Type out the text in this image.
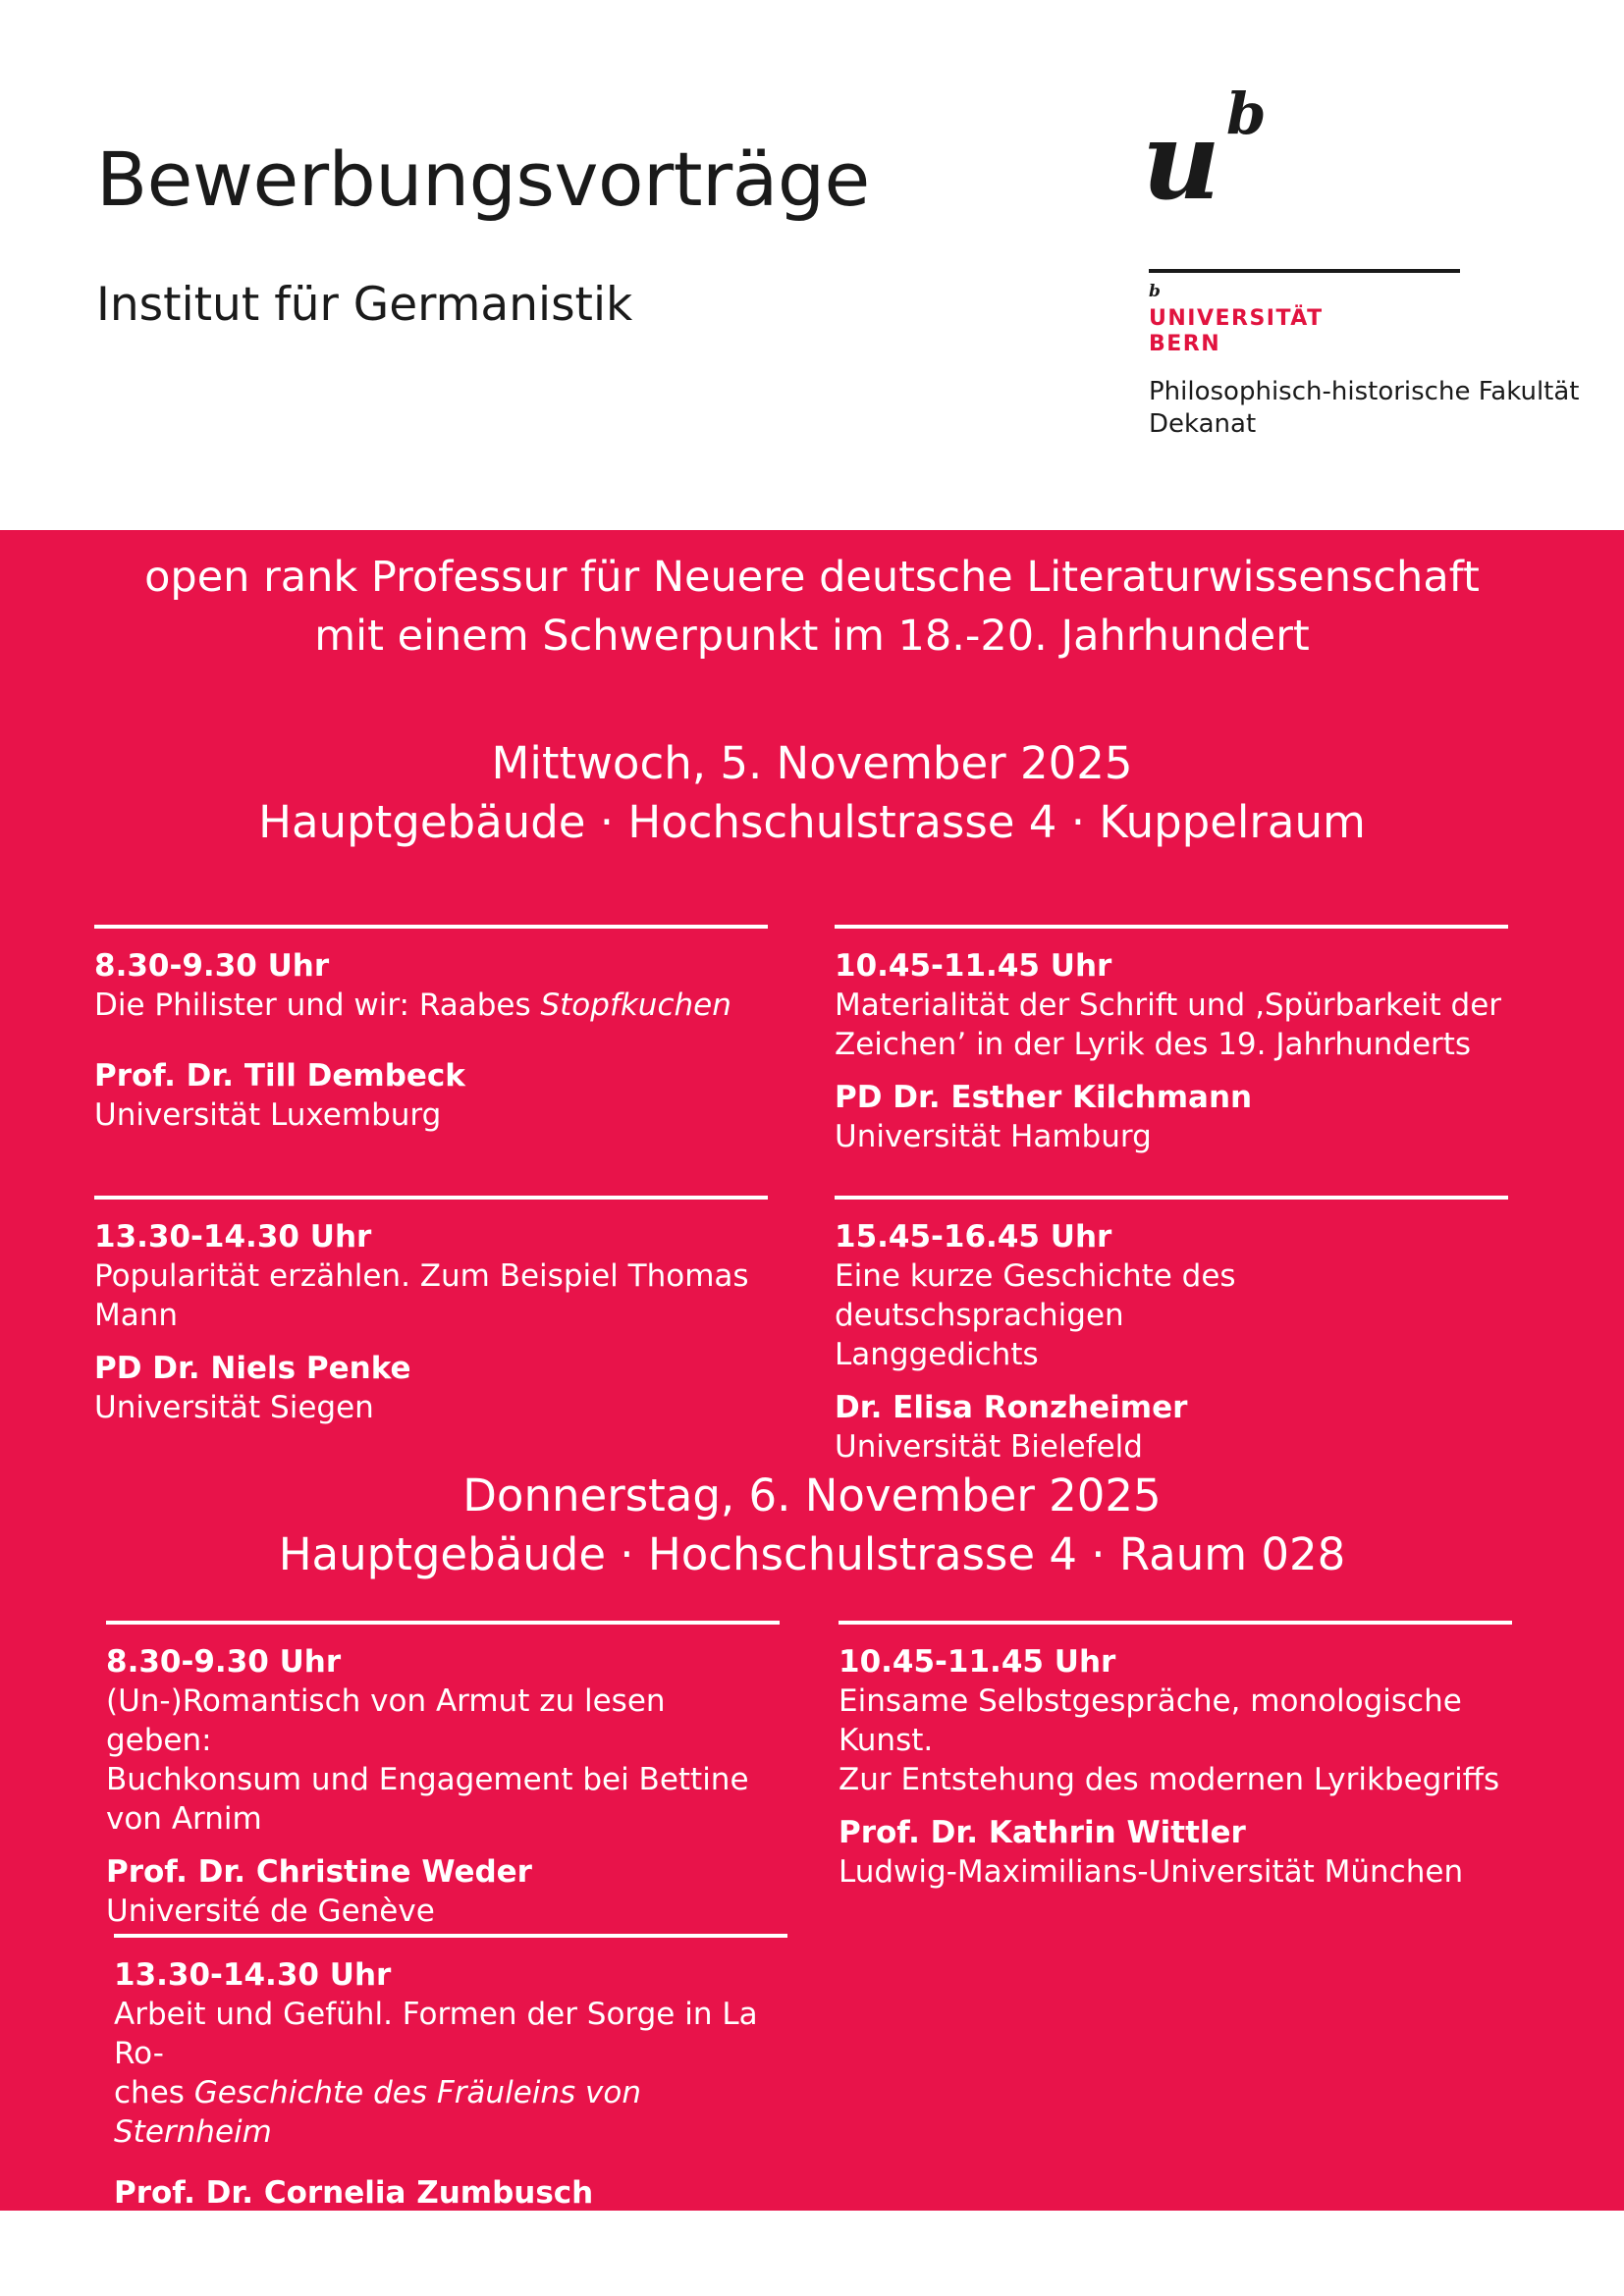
Bewerbungsvorträge
Institut für Germanistik
u b
b
UNIVERSITÄT
BERN
Philosophisch-historische Fakultät
Dekanat
open rank Professur für Neuere deutsche Literaturwissenschaft
mit einem Schwerpunkt im 18.-20. Jahrhundert
Mittwoch, 5. November 2025
Hauptgebäude · Hochschulstrasse 4 · Kuppelraum
8.30-9.30 Uhr
Die Philister und wir: Raabes Stopfkuchen
Prof. Dr. Till Dembeck
Universität Luxemburg
10.45-11.45 Uhr
Materialität der Schrift und ‚Spürbarkeit der
Zeichen’ in der Lyrik des 19. Jahrhunderts
PD Dr. Esther Kilchmann
Universität Hamburg
13.30-14.30 Uhr
Popularität erzählen. Zum Beispiel Thomas
Mann
PD Dr. Niels Penke
Universität Siegen
15.45-16.45 Uhr
Eine kurze Geschichte des deutschsprachigen
Langgedichts
Dr. Elisa Ronzheimer
Universität Bielefeld
Donnerstag, 6. November 2025
Hauptgebäude · Hochschulstrasse 4 · Raum 028
8.30-9.30 Uhr
(Un-)Romantisch von Armut zu lesen geben:
Buchkonsum und Engagement bei Bettine
von Arnim
Prof. Dr. Christine Weder
Université de Genève
10.45-11.45 Uhr
Einsame Selbstgespräche, monologische Kunst.
Zur Entstehung des modernen Lyrikbegriffs
Prof. Dr. Kathrin Wittler
Ludwig-Maximilians-Universität München
13.30-14.30 Uhr
Arbeit und Gefühl. Formen der Sorge in La Ro-
ches Geschichte des Fräuleins von Sternheim
Prof. Dr. Cornelia Zumbusch
Universität Hamburg
